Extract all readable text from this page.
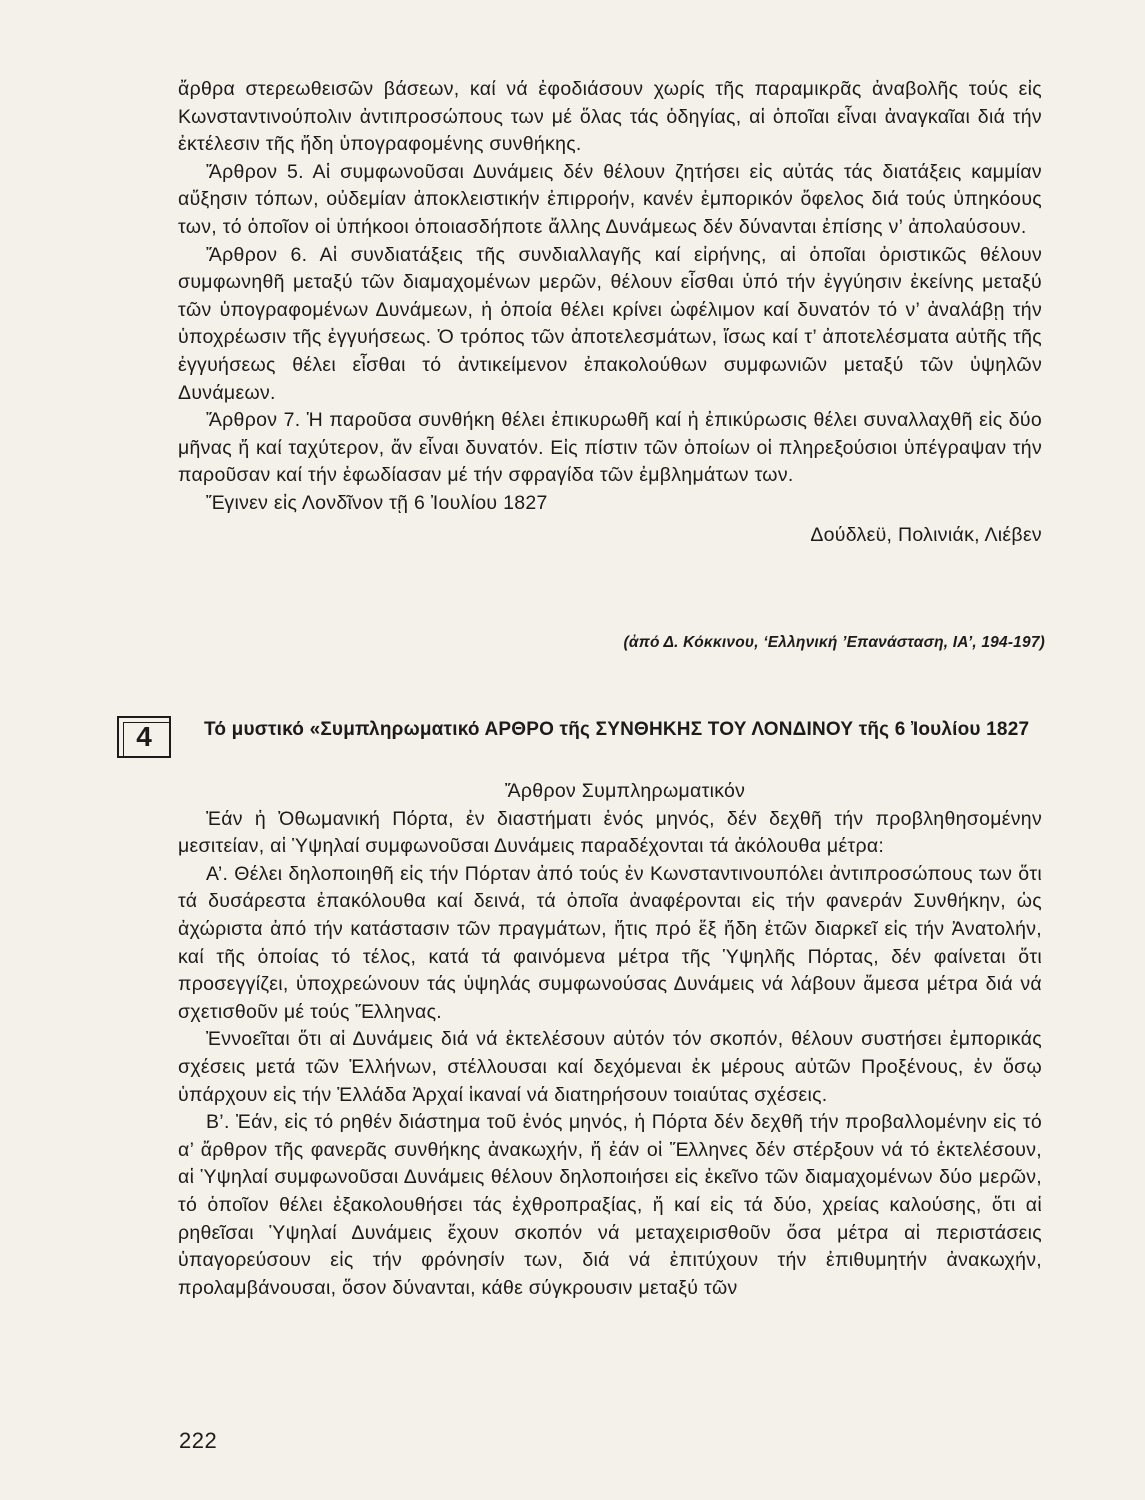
ἄρθρα στερεωθεισῶν βάσεων, καί νά ἐφοδιάσουν χωρίς τῆς παραμικρᾶς ἀναβολῆς τούς εἰς Κωνσταντινούπολιν ἀντιπροσώπους των μέ ὅλας τάς ὁδηγίας, αἱ ὁποῖαι εἶναι ἀναγκαῖαι διά τήν ἐκτέλεσιν τῆς ἤδη ὑπογραφομένης συνθήκης.

Ἄρθρον 5. Αἱ συμφωνοῦσαι Δυνάμεις δέν θέλουν ζητήσει εἰς αὐτάς τάς διατάξεις καμμίαν αὔξησιν τόπων, οὐδεμίαν ἀποκλειστικήν ἐπιρροήν, κανέν ἐμπορικόν ὄφελος διά τούς ὑπηκόους των, τό ὁποῖον οἱ ὑπήκοοι ὁποιασδήποτε ἄλλης Δυνάμεως δέν δύνανται ἐπίσης ν’ ἀπολαύσουν.

Ἄρθρον 6. Αἱ συνδιατάξεις τῆς συνδιαλλαγῆς καί εἰρήνης, αἱ ὁποῖαι ὁριστικῶς θέλουν συμφωνηθῆ μεταξύ τῶν διαμαχομένων μερῶν, θέλουν εἶσθαι ὑπό τήν ἐγγύησιν ἐκείνης μεταξύ τῶν ὑπογραφομένων Δυνάμεων, ἡ ὁποία θέλει κρίνει ὠφέλιμον καί δυνατόν τό ν’ ἀναλάβῃ τήν ὑποχρέωσιν τῆς ἐγγυήσεως. Ὁ τρόπος τῶν ἀποτελεσμάτων, ἴσως καί τ’ ἀποτελέσματα αὐτῆς τῆς ἐγγυήσεως θέλει εἶσθαι τό ἀντικείμενον ἐπακολούθων συμφωνιῶν μεταξύ τῶν ὑψηλῶν Δυνάμεων.

Ἄρθρον 7. Ἡ παροῦσα συνθήκη θέλει ἐπικυρωθῆ καί ἡ ἐπικύρωσις θέλει συναλλαχθῆ εἰς δύο μῆνας ἤ καί ταχύτερον, ἄν εἶναι δυνατόν. Εἰς πίστιν τῶν ὁποίων οἱ πληρεξούσιοι ὑπέγραψαν τήν παροῦσαν καί τήν ἐφωδίασαν μέ τήν σφραγίδα τῶν ἐμβλημάτων των.

Ἔγινεν εἰς Λονδῖνον τῇ 6 Ἰουλίου 1827

Δούδλεϋ, Πολινιάκ, Λιέβεν
(ἀπό Δ. Κόκκινου, ‘Ελληνική ’Επανάσταση, ΙΑ’, 194-197)
4	Τό μυστικό «Συμπληρωματικό ΑΡΘΡΟ τῆς ΣΥΝΘΗΚΗΣ ΤΟΥ ΛΟΝΔΙΝΟΥ τῆς 6 Ἰουλίου 1827

Ἄρθρον Συμπληρωματικόν

Ἐάν ἡ Ὀθωμανική Πόρτα, ἐν διαστήματι ἑνός μηνός, δέν δεχθῆ τήν προβληθησομένην μεσιτείαν, αἱ Ὑψηλαί συμφωνοῦσαι Δυνάμεις παραδέχονται τά ἀκόλουθα μέτρα:

Α’. Θέλει δηλοποιηθῆ εἰς τήν Πόρταν ἀπό τούς ἐν Κωνσταντινουπόλει ἀντιπροσώπους των ὅτι τά δυσάρεστα ἐπακόλουθα καί δεινά, τά ὁποῖα ἀναφέρονται εἰς τήν φανεράν Συνθήκην, ὡς ἀχώριστα ἀπό τήν κατάστασιν τῶν πραγμάτων, ἥτις πρό ἕξ ἤδη ἐτῶν διαρκεῖ εἰς τήν Ἀνατολήν, καί τῆς ὁποίας τό τέλος, κατά τά φαινόμενα μέτρα τῆς Ὑψηλῆς Πόρτας, δέν φαίνεται ὅτι προσεγγίζει, ὑποχρεώνουν τάς ὑψηλάς συμφωνούσας Δυνάμεις νά λάβουν ἄμεσα μέτρα διά νά σχετισθοῦν μέ τούς Ἕλληνας.

Ἐννοεῖται ὅτι αἱ Δυνάμεις διά νά ἐκτελέσουν αὐτόν τόν σκοπόν, θέλουν συστήσει ἐμπορικάς σχέσεις μετά τῶν Ἑλλήνων, στέλλουσαι καί δεχόμεναι ἐκ μέρους αὐτῶν Προξένους, ἐν ὅσῳ ὑπάρχουν εἰς τήν Ἑλλάδα Ἀρχαί ἱκαναί νά διατηρήσουν τοιαύτας σχέσεις.

Β’. Ἐάν, εἰς τό ρηθέν διάστημα τοῦ ἑνός μηνός, ἡ Πόρτα δέν δεχθῆ τήν προβαλλομένην εἰς τό α’ ἄρθρον τῆς φανερᾶς συνθήκης ἀνακωχήν, ἤ ἐάν οἱ Ἕλληνες δέν στέρξουν νά τό ἐκτελέσουν, αἱ Ὑψηλαί συμφωνοῦσαι Δυνάμεις θέλουν δηλοποιήσει εἰς ἐκεῖνο τῶν διαμαχομένων δύο μερῶν, τό ὁποῖον θέλει ἐξακολουθήσει τάς ἐχθροπραξίας, ἤ καί εἰς τά δύο, χρείας καλούσης, ὅτι αἱ ρηθεῖσαι Ὑψηλαί Δυνάμεις ἔχουν σκοπόν νά μεταχειρισθοῦν ὅσα μέτρα αἱ περιστάσεις ὑπαγορεύσουν εἰς τήν φρόνησίν των, διά νά ἐπιτύχουν τήν ἐπιθυμητήν ἀνακωχήν, προλαμβάνουσαι, ὅσον δύνανται, κάθε σύγκρουσιν μεταξύ τῶν

222
